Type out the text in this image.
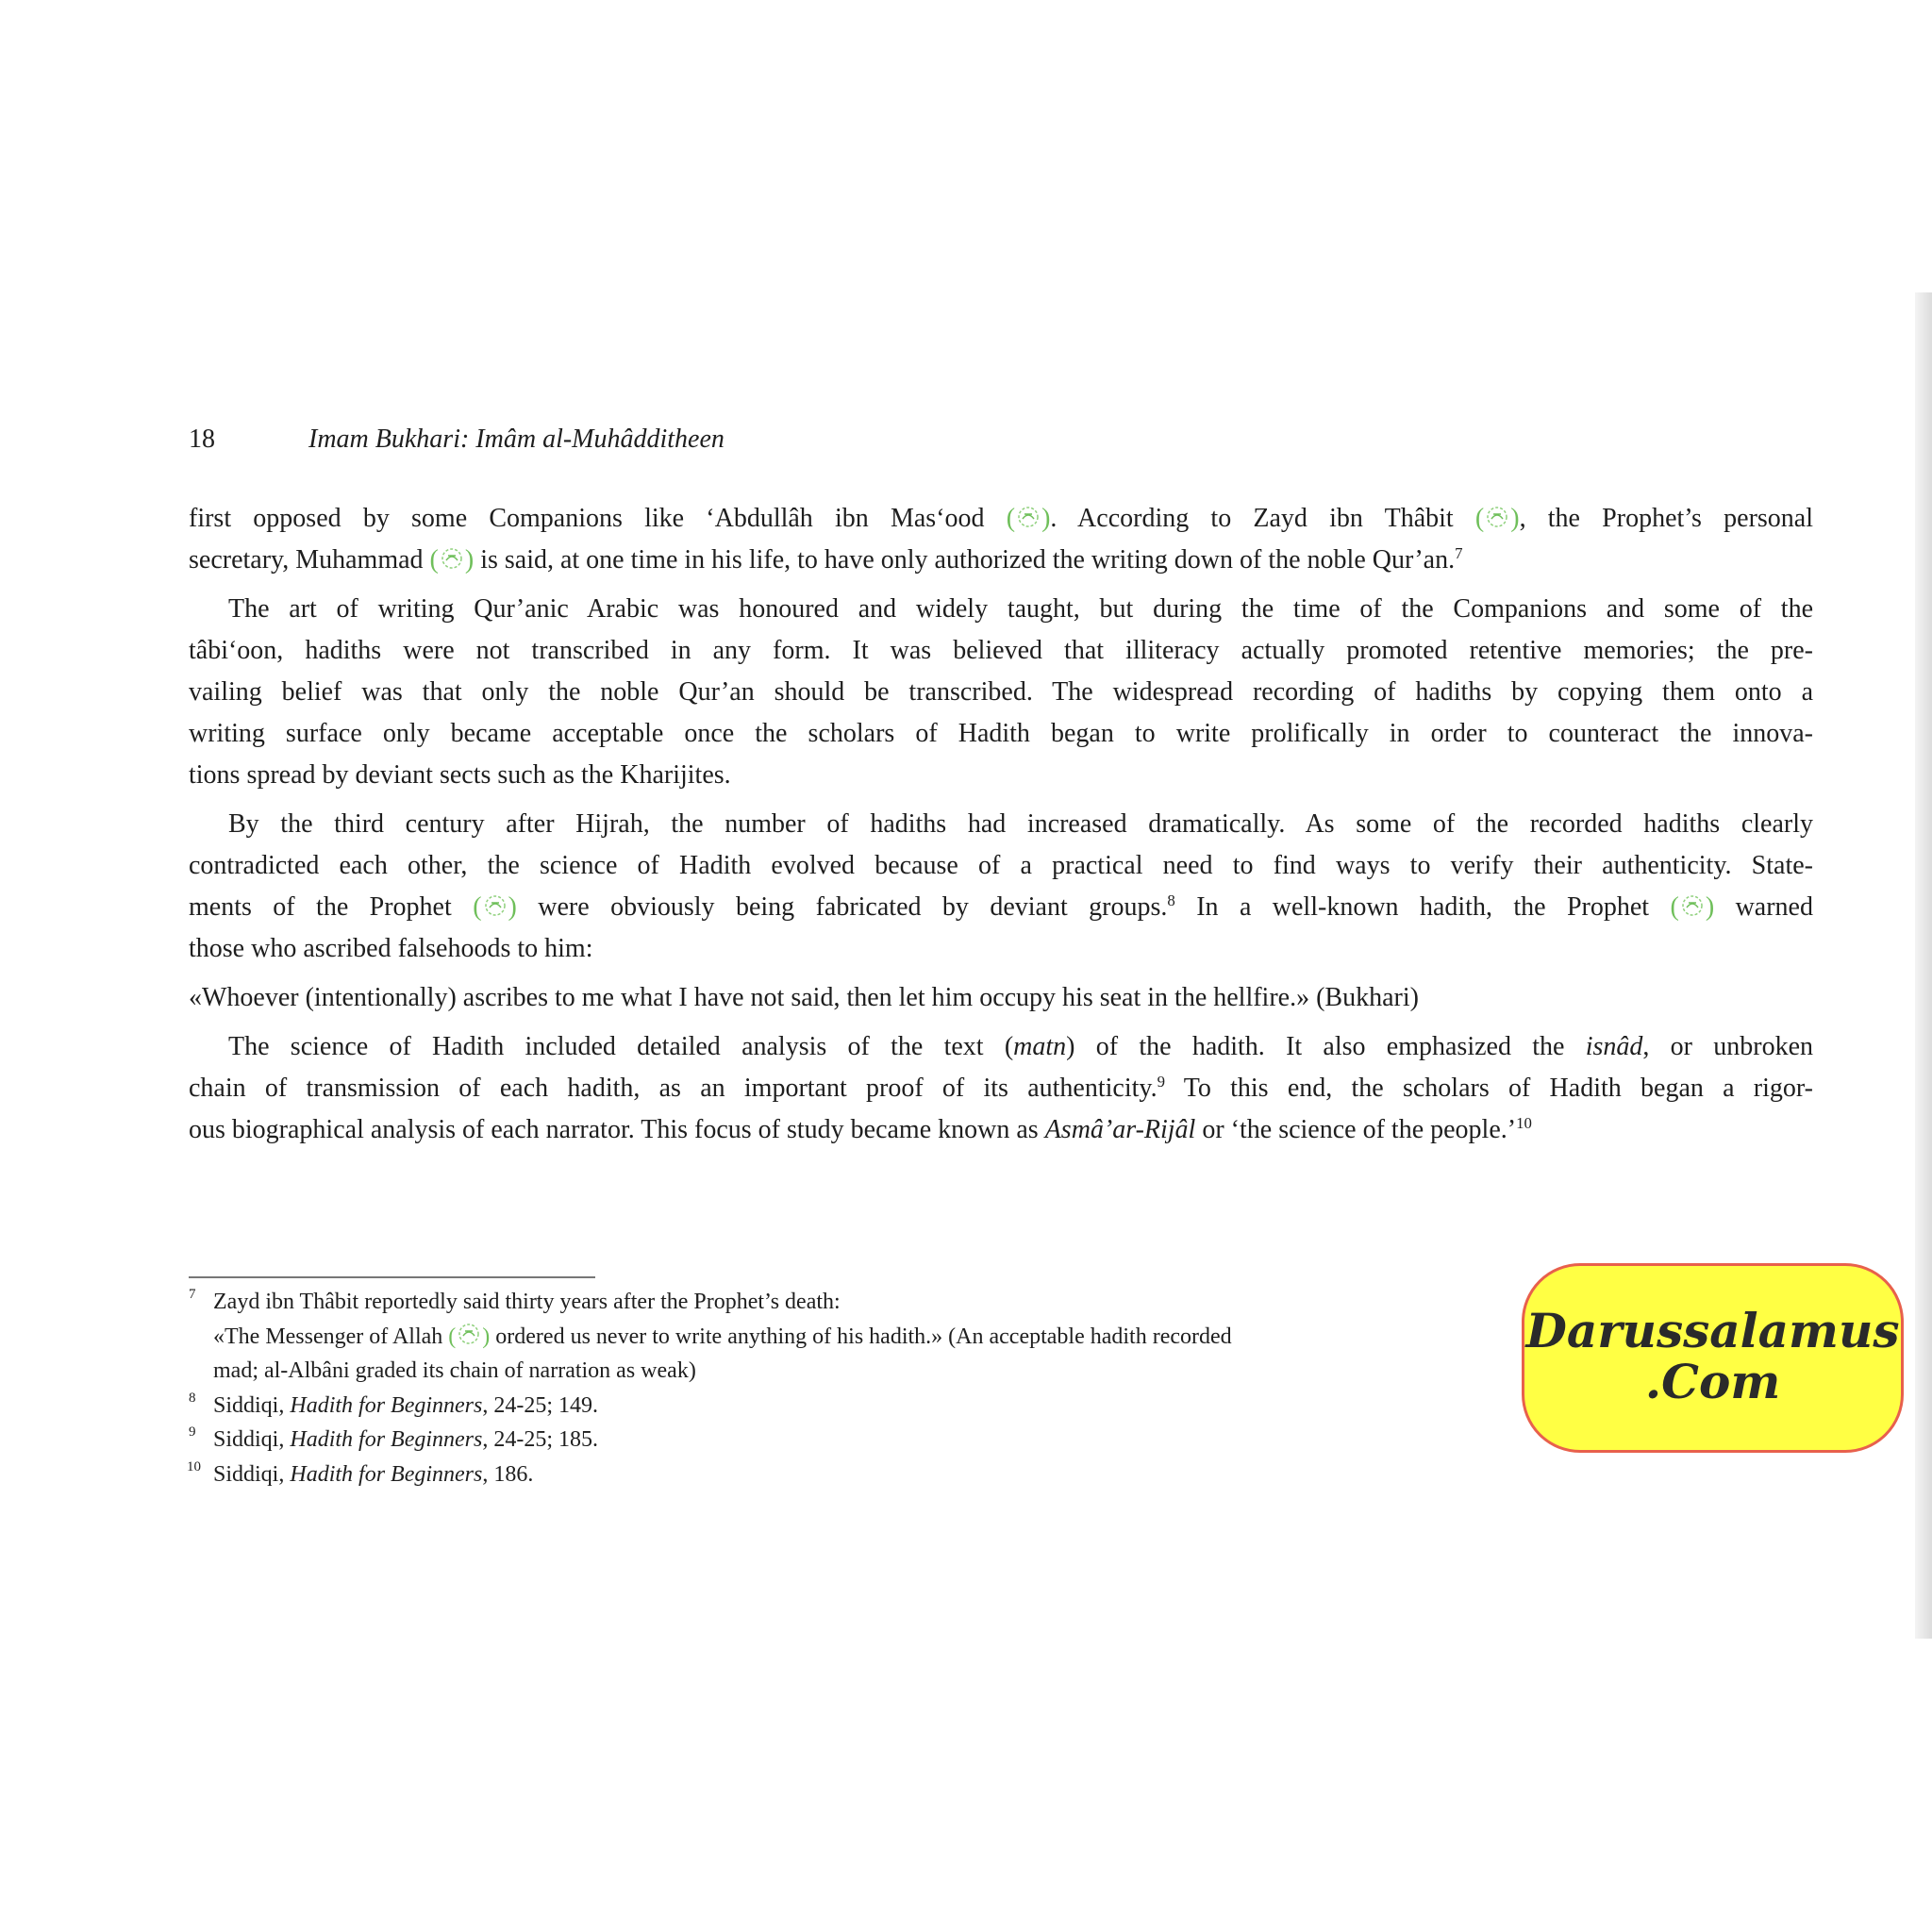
18	Imam Bukhari: Imâm al-Muhâdditheen
first opposed by some Companions like ‘Abdullâh ibn Mas‘ood ( ). According to Zayd ibn Thâbit ( ), the Prophet’s personal
secretary, Muhammad ( ) is said, at one time in his life, to have only authorized the writing down of the noble Qur’an.$^7$
The art of writing Qur’anic Arabic was honoured and widely taught, but during the time of the Companions and some of the
tâbi‘oon, hadiths were not transcribed in any form. It was believed that illiteracy actually promoted retentive memories; the pre-
vailing belief was that only the noble Qur’an should be transcribed. The widespread recording of hadiths by copying them onto a
writing surface only became acceptable once the scholars of Hadith began to write prolifically in order to counteract the innova-
tions spread by deviant sects such as the Kharijites.
By the third century after Hijrah, the number of hadiths had increased dramatically. As some of the recorded hadiths clearly
contradicted each other, the science of Hadith evolved because of a practical need to find ways to verify their authenticity. State-
ments of the Prophet ( ) were obviously being fabricated by deviant groups.$^8$ In a well-known hadith, the Prophet ( ) warned
those who ascribed falsehoods to him:
«Whoever (intentionally) ascribes to me what I have not said, then let him occupy his seat in the hellfire.» (Bukhari)
The science of Hadith included detailed analysis of the text (matn) of the hadith. It also emphasized the isnâd, or unbroken
chain of transmission of each hadith, as an important proof of its authenticity.$^9$ To this end, the scholars of Hadith began a rigor-
ous biographical analysis of each narrator. This focus of study became known as Asmâ’ar-Rijâl or ‘the science of the people.’$^{10}$
7 Zayd ibn Thâbit reportedly said thirty years after the Prophet’s death:
«The Messenger of Allah ( ) ordered us never to write anything of his hadith.» (An acceptable hadith recorded
mad; al-Albâni graded its chain of narration as weak)
8 Siddiqi, Hadith for Beginners, 24-25; 149.
9 Siddiqi, Hadith for Beginners, 24-25; 185.
10 Siddiqi, Hadith for Beginners, 186.
Darussalamus
.Com
